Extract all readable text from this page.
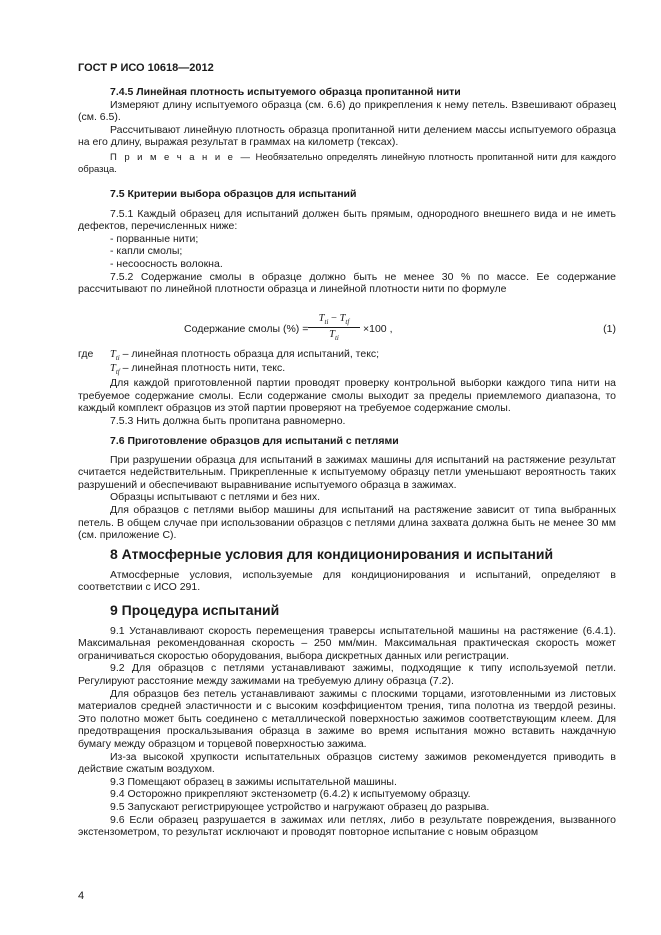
ГОСТ Р ИСО 10618—2012

7.4.5 Линейная плотность испытуемого образца пропитанной нити

Измеряют длину испытуемого образца (см. 6.6) до прикрепления к нему петель. Взвешивают образец (см. 6.5).

Рассчитывают линейную плотность образца пропитанной нити делением массы испытуемого образца на его длину, выражая результат в граммах на километр (тексах).

П р и м е ч а н и е — Необязательно определять линейную плотность пропитанной нити для каждого образца.

7.5 Критерии выбора образцов для испытаний

7.5.1 Каждый образец для испытаний должен быть прямым, однородного внешнего вида и не иметь дефектов, перечисленных ниже:

- порванные нити;

- капли смолы;

- несоосность волокна.

7.5.2 Содержание смолы в образце должно быть не менее 30 % по массе. Ее содержание рассчитывают по линейной плотности образца и линейной плотности нити по формуле

Содержание смолы (%) =
$T_{ti} - T_{tf}$
$T_{ti}$
×100 ,	(1)
где $T_{ti}$ – линейная плотность образца для испытаний, текс;
$T_{tf}$ – линейная плотность нити, текс.

Для каждой приготовленной партии проводят проверку контрольной выборки каждого типа нити на требуемое содержание смолы. Если содержание смолы выходит за пределы приемлемого диапазона, то каждый комплект образцов из этой партии проверяют на требуемое содержание смолы.

7.5.3 Нить должна быть пропитана равномерно.

7.6 Приготовление образцов для испытаний с петлями

При разрушении образца для испытаний в зажимах машины для испытаний на растяжение результат считается недействительным. Прикрепленные к испытуемому образцу петли уменьшают вероятность таких разрушений и обеспечивают выравнивание испытуемого образца в зажимах.

Образцы испытывают с петлями и без них.

Для образцов с петлями выбор машины для испытаний на растяжение зависит от типа выбранных петель. В общем случае при использовании образцов с петлями длина захвата должна быть не менее 30 мм (см. приложение С).

8 Атмосферные условия для кондиционирования и испытаний

Атмосферные условия, используемые для кондиционирования и испытаний, определяют в соответствии с ИСО 291.

9 Процедура испытаний

9.1 Устанавливают скорость перемещения траверсы испытательной машины на растяжение (6.4.1). Максимальная рекомендованная скорость – 250 мм/мин. Максимальная практическая скорость может ограничиваться скоростью оборудования, выбора дискретных данных или регистрации.

9.2 Для образцов с петлями устанавливают зажимы, подходящие к типу используемой петли. Регулируют расстояние между зажимами на требуемую длину образца (7.2).

Для образцов без петель устанавливают зажимы с плоскими торцами, изготовленными из листовых материалов средней эластичности и с высоким коэффициентом трения, типа полотна из твердой резины. Это полотно может быть соединено с металлической поверхностью зажимов соответствующим клеем. Для предотвращения проскальзывания образца в зажиме во время испытания можно вставить наждачную бумагу между образцом и торцевой поверхностью зажима.

Из-за высокой хрупкости испытательных образцов систему зажимов рекомендуется приводить в действие сжатым воздухом.

9.3 Помещают образец в зажимы испытательной машины.

9.4 Осторожно прикрепляют экстензометр (6.4.2) к испытуемому образцу.

9.5 Запускают регистрирующее устройство и нагружают образец до разрыва.

9.6 Если образец разрушается в зажимах или петлях, либо в результате повреждения, вызванного экстензометром, то результат исключают и проводят повторное испытание с новым образцом

4
